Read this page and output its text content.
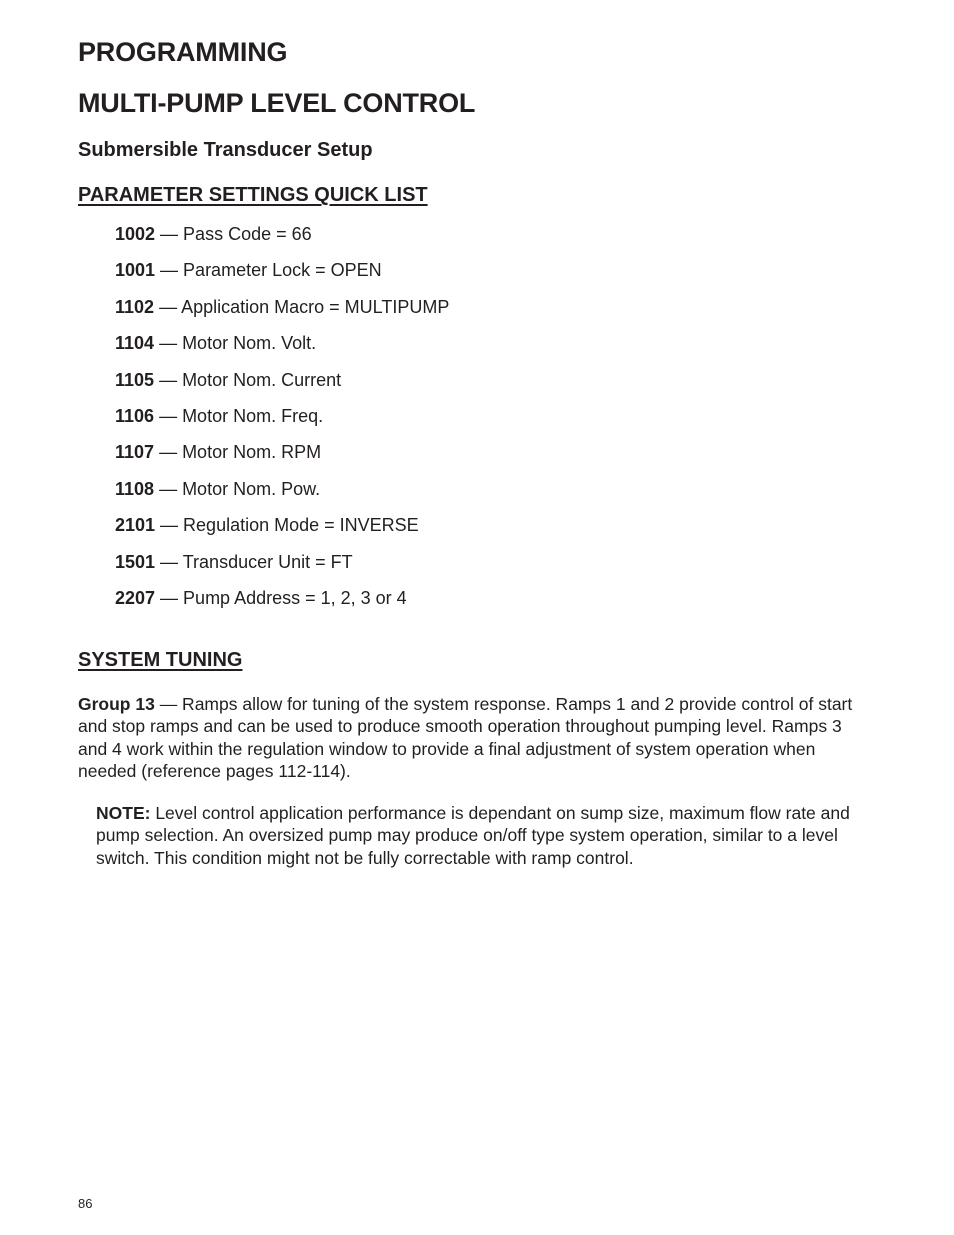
PROGRAMMING
MULTI-PUMP LEVEL CONTROL
Submersible Transducer Setup
PARAMETER SETTINGS QUICK LIST
1002 — Pass Code = 66
1001 — Parameter Lock = OPEN
1102 — Application Macro = MULTIPUMP
1104 — Motor Nom. Volt.
1105 — Motor Nom. Current
1106 — Motor Nom. Freq.
1107 — Motor Nom. RPM
1108 — Motor Nom. Pow.
2101 — Regulation Mode = INVERSE
1501 — Transducer Unit = FT
2207 — Pump Address = 1, 2, 3 or 4
SYSTEM TUNING

Group 13 — Ramps allow for tuning of the system response. Ramps 1 and 2 provide control of start and stop ramps and can be used to produce smooth operation throughout pumping level. Ramps 3 and 4 work within the regulation window to provide a final adjustment of system operation when needed (reference pages 112-114).

NOTE: Level control application performance is dependant on sump size, maximum flow rate and pump selection. An oversized pump may produce on/off type system operation, similar to a level switch. This condition might not be fully correctable with ramp control.

86
